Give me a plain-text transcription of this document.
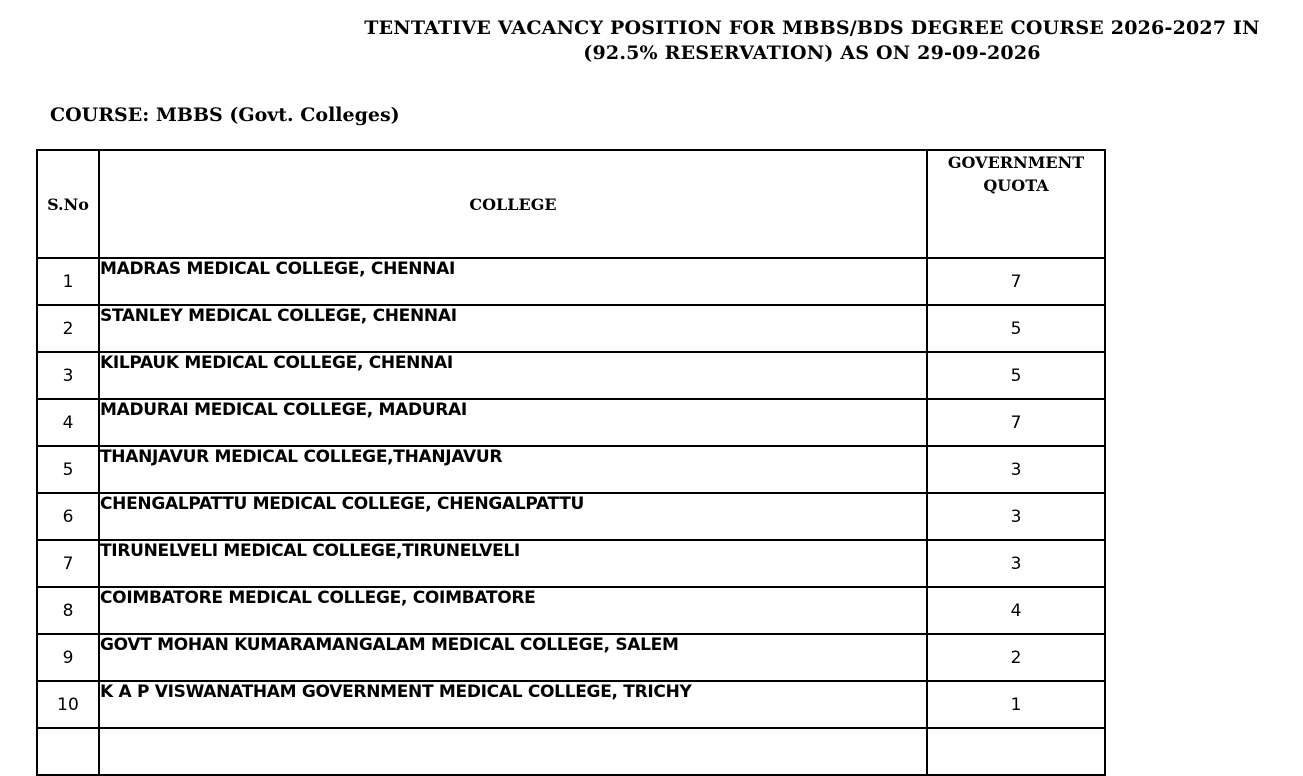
TENTATIVE VACANCY POSITION FOR MBBS/BDS DEGREE COURSE 2026-2027 IN
(92.5% RESERVATION) AS ON 29-09-2026
COURSE: MBBS (Govt. Colleges)
S.No	COLLEGE	GOVERNMENT
QUOTA

1	MADRAS MEDICAL COLLEGE, CHENNAI	7
2	STANLEY MEDICAL COLLEGE, CHENNAI	5
3	KILPAUK MEDICAL COLLEGE, CHENNAI	5
4	MADURAI MEDICAL COLLEGE, MADURAI	7
5	THANJAVUR MEDICAL COLLEGE,THANJAVUR	3
6	CHENGALPATTU MEDICAL COLLEGE, CHENGALPATTU	3
7	TIRUNELVELI MEDICAL COLLEGE,TIRUNELVELI	3
8	COIMBATORE MEDICAL COLLEGE, COIMBATORE	4
9	GOVT MOHAN KUMARAMANGALAM MEDICAL COLLEGE, SALEM	2
10	K A P VISWANATHAM GOVERNMENT MEDICAL COLLEGE, TRICHY	1
